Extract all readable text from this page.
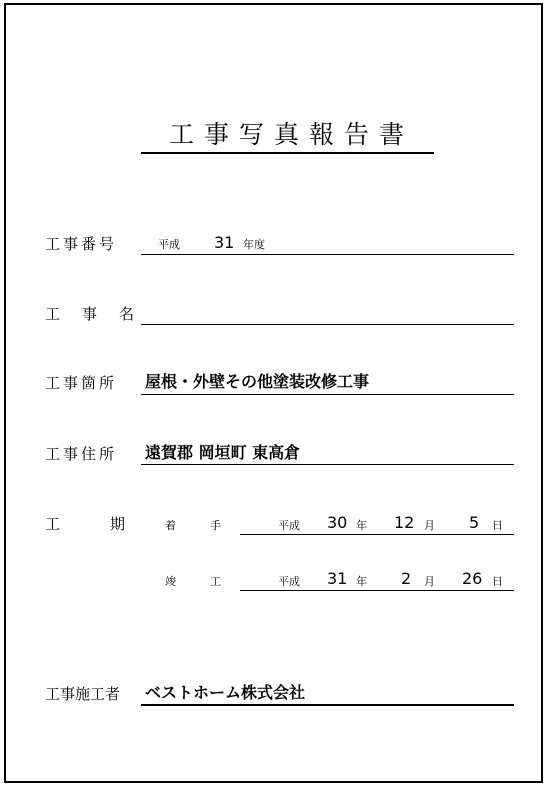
工事写真報告書
工事番号	平成 31 年度
工事名
工事箇所 屋根・外壁その他塗装改修工事
工事住所 遠賀郡 岡垣町 東高倉
工期
着手 平成 30 年 12 月 5 日
竣工 平成 31 年 2 月 26 日
工事施工者 ベストホーム株式会社
